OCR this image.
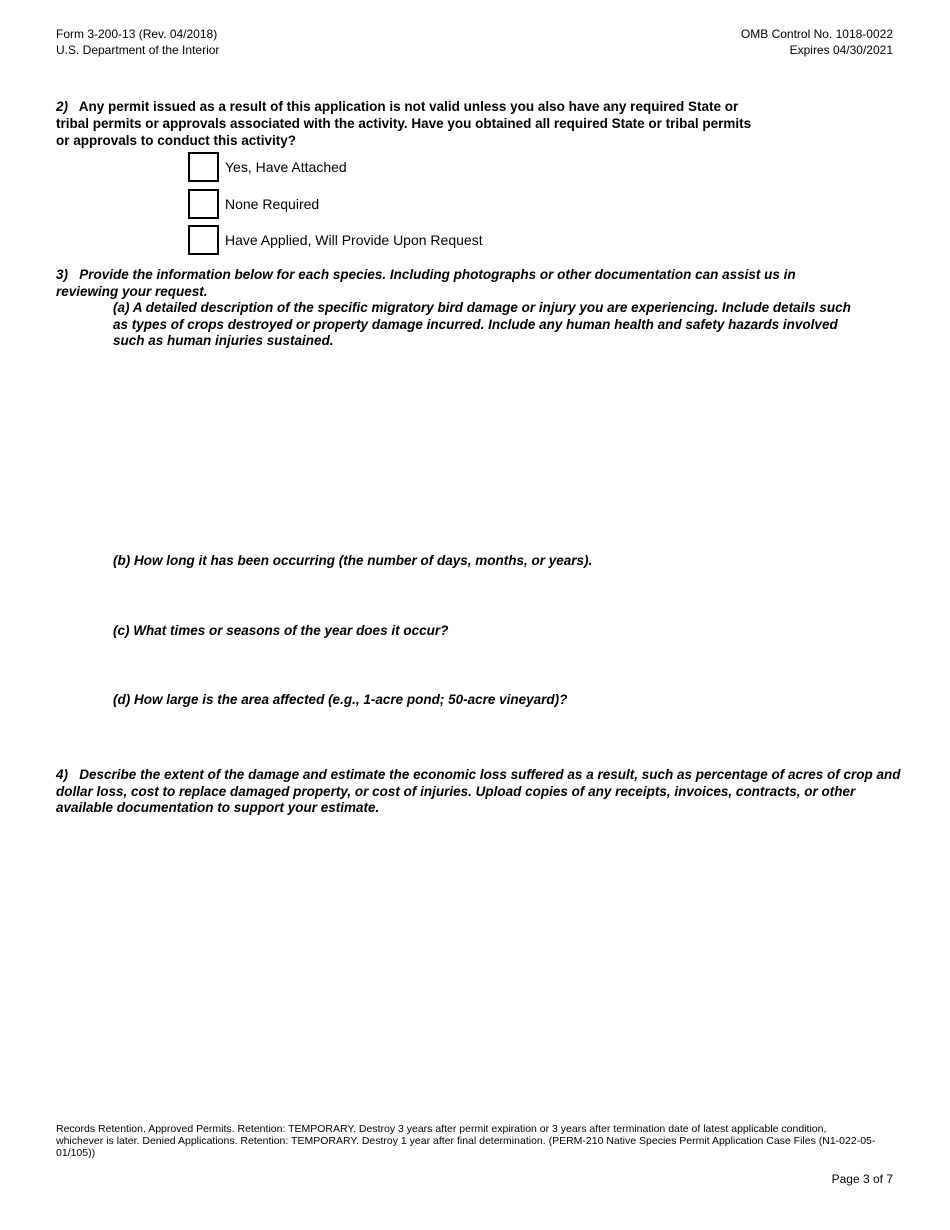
Form 3-200-13 (Rev. 04/2018)
U.S. Department of the Interior
OMB Control No. 1018-0022
Expires 04/30/2021
2) Any permit issued as a result of this application is not valid unless you also have any required State or tribal permits or approvals associated with the activity. Have you obtained all required State or tribal permits or approvals to conduct this activity?
Yes, Have Attached
None Required
Have Applied, Will Provide Upon Request
3) Provide the information below for each species. Including photographs or other documentation can assist us in reviewing your request.
(a) A detailed description of the specific migratory bird damage or injury you are experiencing. Include details such as types of crops destroyed or property damage incurred. Include any human health and safety hazards involved such as human injuries sustained.
(b) How long it has been occurring (the number of days, months, or years).
(c) What times or seasons of the year does it occur?
(d) How large is the area affected (e.g., 1-acre pond; 50-acre vineyard)?
4) Describe the extent of the damage and estimate the economic loss suffered as a result, such as percentage of acres of crop and dollar loss, cost to replace damaged property, or cost of injuries. Upload copies of any receipts, invoices, contracts, or other available documentation to support your estimate.
Records Retention. Approved Permits. Retention: TEMPORARY. Destroy 3 years after permit expiration or 3 years after termination date of latest applicable condition, whichever is later. Denied Applications. Retention: TEMPORARY. Destroy 1 year after final determination. (PERM-210 Native Species Permit Application Case Files (N1-022-05-01/105))
Page 3 of 7
